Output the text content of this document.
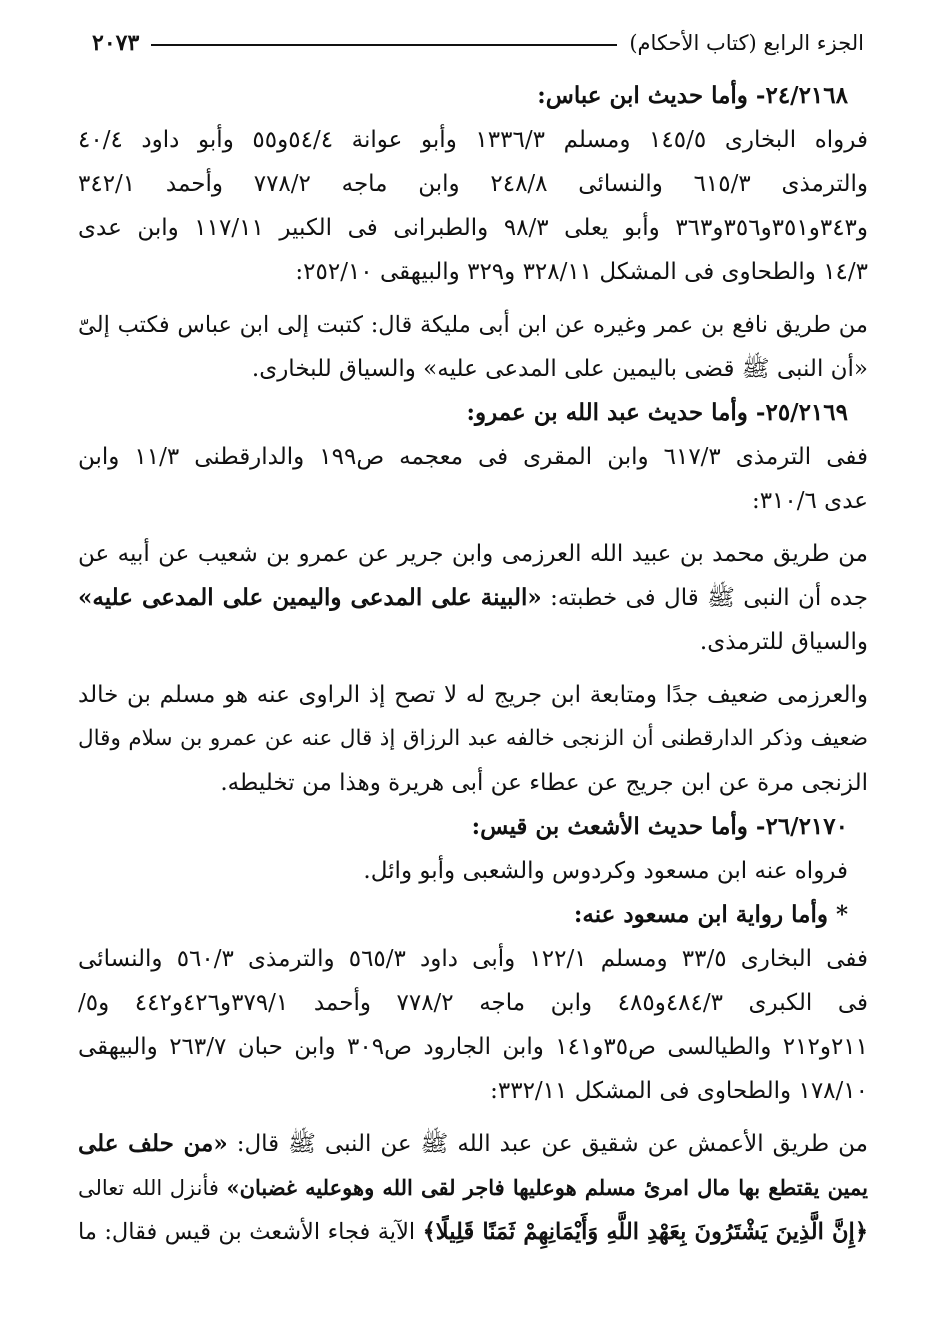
الجزء الرابع (كتاب الأحكام)
٢٠٧٣
٢٤/٢١٦٨- وأما حديث ابن عباس:
فرواه البخارى ١٤٥/٥ ومسلم ١٣٣٦/٣ وأبو عوانة ٥٤/٤و٥٥ وأبو داود ٤٠/٤
والترمذى ٦١٥/٣ والنسائى ٢٤٨/٨ وابن ماجه ٧٧٨/٢ وأحمد ٣٤٢/١
و٣٤٣و٣٥١و٣٥٦و٣٦٣ وأبو يعلى ٩٨/٣ والطبرانى فى الكبير ١١٧/١١ وابن عدى
١٤/٣ والطحاوى فى المشكل ٣٢٨/١١ و٣٢٩ والبيهقى ٢٥٢/١٠:
من طريق نافع بن عمر وغيره عن ابن أبى مليكة قال: كتبت إلى ابن عباس فكتب إلىّ
«أن النبى ﷺ قضى باليمين على المدعى عليه» والسياق للبخارى.
٢٥/٢١٦٩- وأما حديث عبد الله بن عمرو:
ففى الترمذى ٦١٧/٣ وابن المقرى فى معجمه ص١٩٩ والدارقطنى ١١/٣ وابن
عدى ٣١٠/٦:
من طريق محمد بن عبيد الله العرزمى وابن جرير عن عمرو بن شعيب عن أبيه عن
جده أن النبى ﷺ قال فى خطبته: «البينة على المدعى واليمين على المدعى عليه»
والسياق للترمذى.
والعرزمى ضعيف جدًا ومتابعة ابن جريج له لا تصح إذ الراوى عنه هو مسلم بن خالد
ضعيف وذكر الدارقطنى أن الزنجى خالفه عبد الرزاق إذ قال عنه عن عمرو بن سلام وقال
الزنجى مرة عن ابن جريج عن عطاء عن أبى هريرة وهذا من تخليطه.
٢٦/٢١٧٠- وأما حديث الأشعث بن قيس:
فرواه عنه ابن مسعود وكردوس والشعبى وأبو وائل.
* وأما رواية ابن مسعود عنه:
ففى البخارى ٣٣/٥ ومسلم ١٢٢/١ وأبى داود ٥٦٥/٣ والترمذى ٥٦٠/٣ والنسائى
فى الكبرى ٤٨٤/٣و٤٨٥ وابن ماجه ٧٧٨/٢ وأحمد ٣٧٩/١و٤٢٦و٤٤٢ و٥/
٢١١و٢١٢ والطيالسى ص٣٥و١٤١ وابن الجارود ص٣٠٩ وابن حبان ٢٦٣/٧ والبيهقى
١٧٨/١٠ والطحاوى فى المشكل ٣٣٢/١١:
من طريق الأعمش عن شقيق عن عبد الله ﷺ عن النبى ﷺ قال: «من حلف على
يمين يقتطع بها مال امرئ مسلم هوعليها فاجر لقى الله وهوعليه غضبان» فأنزل الله تعالى
﴿إِنَّ الَّذِينَ يَشْتَرُونَ بِعَهْدِ اللَّهِ وَأَيْمَانِهِمْ ثَمَنًا قَلِيلًا﴾ الآية فجاء الأشعث بن قيس فقال: ما
